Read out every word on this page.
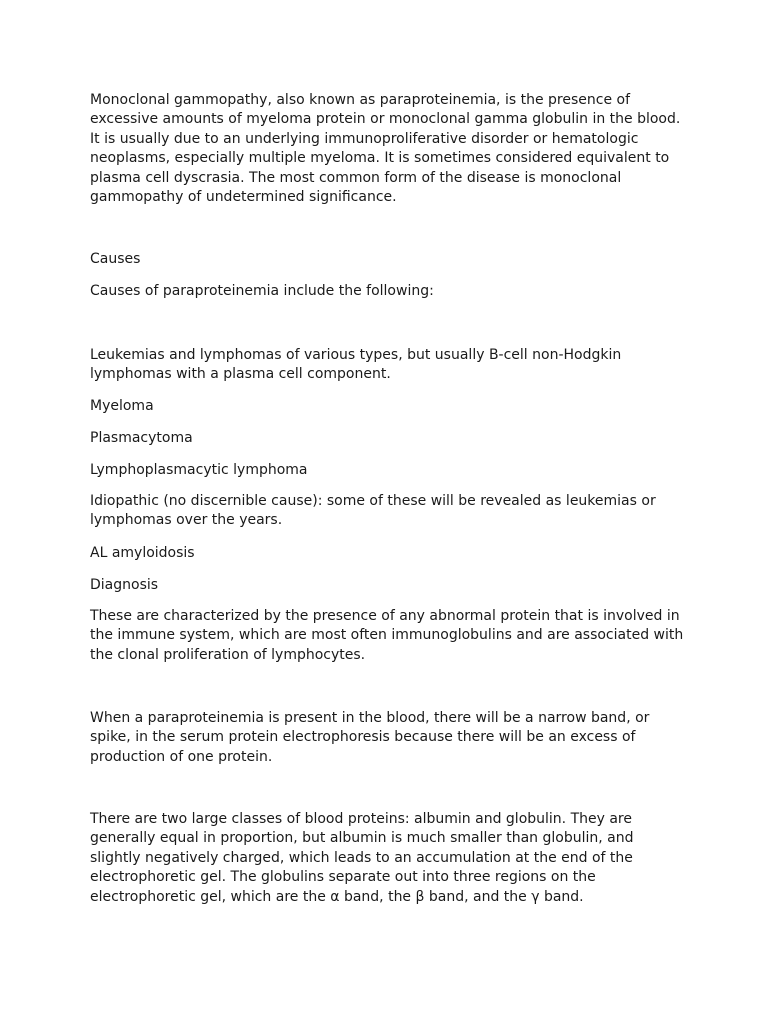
Monoclonal gammopathy, also known as paraproteinemia, is the presence of
excessive amounts of myeloma protein or monoclonal gamma globulin in the blood.
It is usually due to an underlying immunoproliferative disorder or hematologic
neoplasms, especially multiple myeloma. It is sometimes considered equivalent to
plasma cell dyscrasia. The most common form of the disease is monoclonal
gammopathy of undetermined significance.

Causes

Causes of paraproteinemia include the following:

Leukemias and lymphomas of various types, but usually B-cell non-Hodgkin
lymphomas with a plasma cell component.

Myeloma

Plasmacytoma

Lymphoplasmacytic lymphoma

Idiopathic (no discernible cause): some of these will be revealed as leukemias or
lymphomas over the years.

AL amyloidosis

Diagnosis

These are characterized by the presence of any abnormal protein that is involved in
the immune system, which are most often immunoglobulins and are associated with
the clonal proliferation of lymphocytes.

When a paraproteinemia is present in the blood, there will be a narrow band, or
spike, in the serum protein electrophoresis because there will be an excess of
production of one protein.

There are two large classes of blood proteins: albumin and globulin. They are
generally equal in proportion, but albumin is much smaller than globulin, and
slightly negatively charged, which leads to an accumulation at the end of the
electrophoretic gel. The globulins separate out into three regions on the
electrophoretic gel, which are the α band, the β band, and the γ band.
